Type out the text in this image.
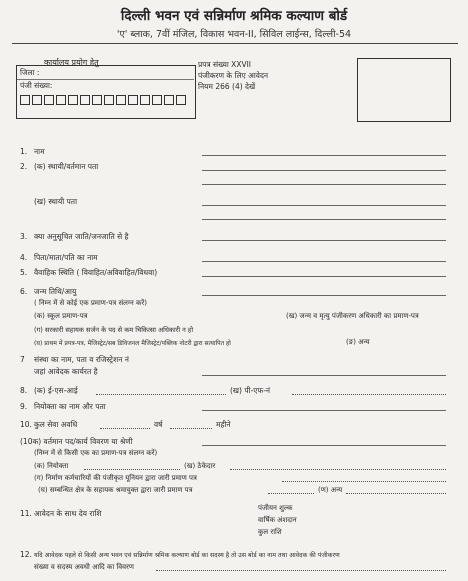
दिल्ली भवन एवं सन्निर्माण श्रमिक कल्याण बोर्ड
'ए' ब्लाक, 7वीं मंजिल, विकास भवन-II, सिविल लाईन्स, दिल्ली-54
कार्यालय प्रयोग हेतु
जिला :
पंजी संख्या:
प्रपत्र संख्या XXVII
पंजीकरण के लिए आवेदन
नियम 266 (4) देखें
1. नाम
2. (क) स्थायी/वर्तमान पता
(ख) स्थायी पता
3. क्या अनुसूचित जाति/जनजाति से है
4. पिता/माता/पति का नाम
5. वैवाहिक स्थिति ( विवाहित/अविवाहित/विधवा)
6. जन्म तिथि/आयु
( निम्न में से कोई एक प्रमाण-पत्र संलग्न करें)
(क) स्कूल प्रमाण-पत्र	(ख) जन्म व मृत्यु पंजीकरण अधिकारी का प्रमाण-पत्र
(ग) सरकारी सहायक सर्जन के पद से कम चिकित्सा अधिकारी न हो
(घ) प्राथम में प्रपत्र-पत्र, मैजिस्ट्रेट/सब डिविजनल मैजिस्ट्रेट/पब्लिक नोटरी द्वारा सत्यापित हो	(ङ) अन्य
7 संस्था का नाम, पता व रजिस्ट्रेशन नं
जहां आवेदक कार्यरत है
8. (क) ई-एस-आई	(ख) पी-एफ-नं
9. नियोक्ता का नाम और पता
10. कुल सेवा अवधि	वर्ष	महीने
(10क) वर्तमान पद/कार्य विवरण या श्रेणी
(निम्न में से किसी एक का प्रमाण-पत्र संलग्न करें)
(क) नियोक्ता	(ख) ठेकेदार
(ग) निर्माण कर्मचारियों की पंजीकृत यूनियन द्वारा जारी प्रमाण पत्र
(घ) सम्बन्धित क्षेत्र के सहायक श्रमायुक्त द्वारा जारी प्रमाण पत्र	(ण) अन्य
11. आवेदन के साथ देय राशि
पंजीयन शुल्क
वार्षिक अंशदान
कुल राशि
12. यदि आवेदक पहले से किसी अन्य भवन एवं सन्निर्माण श्रमिक कल्याण बोर्ड का सदस्य है तो उस बोर्ड का नाम तथा आवेदक की पंजीकरण
संख्या व सदस्य अवधी आदि का विवरण
